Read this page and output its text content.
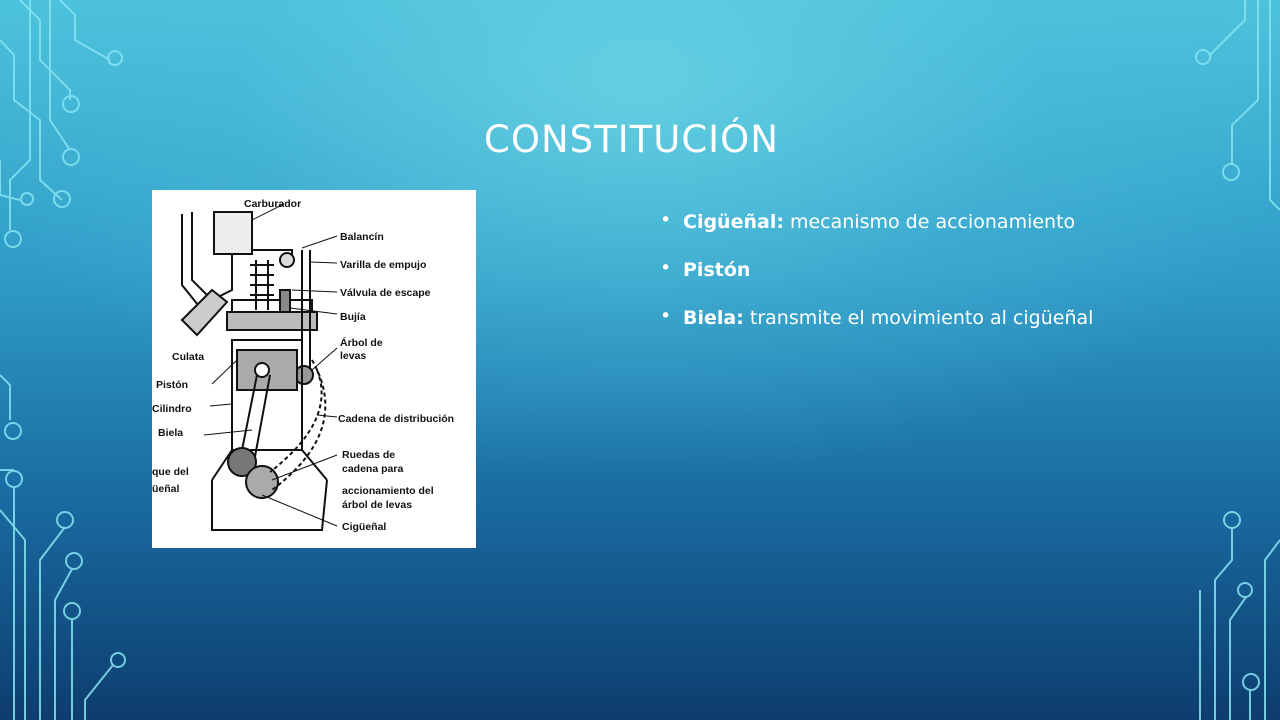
CONSTITUCIÓN
Carburador
Balancín
Varilla de empujo
Válvula de escape
Bujía
Árbol de
levas
Culata
Pistón
Cilindro
Biela
Cadena de distribución
Ruedas de
cadena para
accionamiento del
árbol de levas
Cigüeñal
que del
üeñal
• Cigüeñal: mecanismo de accionamiento
• Pistón
• Biela: transmite el movimiento al cigüeñal
